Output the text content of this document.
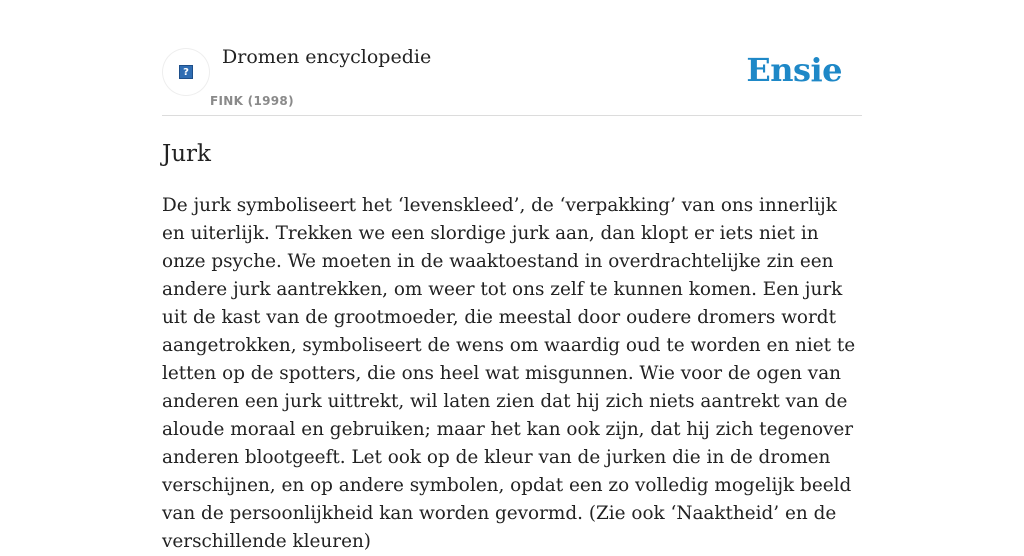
?
Dromen encyclopedie
FINK (1998)
Ensie
Jurk

De jurk symboliseert het ‘levenskleed’, de ‘verpakking’ van ons innerlijk en uiterlijk. Trekken we een slordige jurk aan, dan klopt er iets niet in onze psyche. We moeten in de waaktoestand in overdrachtelijke zin een andere jurk aantrekken, om weer tot ons zelf te kunnen komen. Een jurk uit de kast van de grootmoeder, die meestal door oudere dromers wordt aangetrokken, symboliseert de wens om waardig oud te worden en niet te letten op de spotters, die ons heel wat misgunnen. Wie voor de ogen van anderen een jurk uittrekt, wil laten zien dat hij zich niets aantrekt van de aloude moraal en gebruiken; maar het kan ook zijn, dat hij zich tegenover anderen blootgeeft. Let ook op de kleur van de jurken die in de dromen verschijnen, en op andere symbolen, opdat een zo volledig mogelijk beeld van de persoonlijkheid kan worden gevormd. (Zie ook ‘Naaktheid’ en de verschillende kleuren)
